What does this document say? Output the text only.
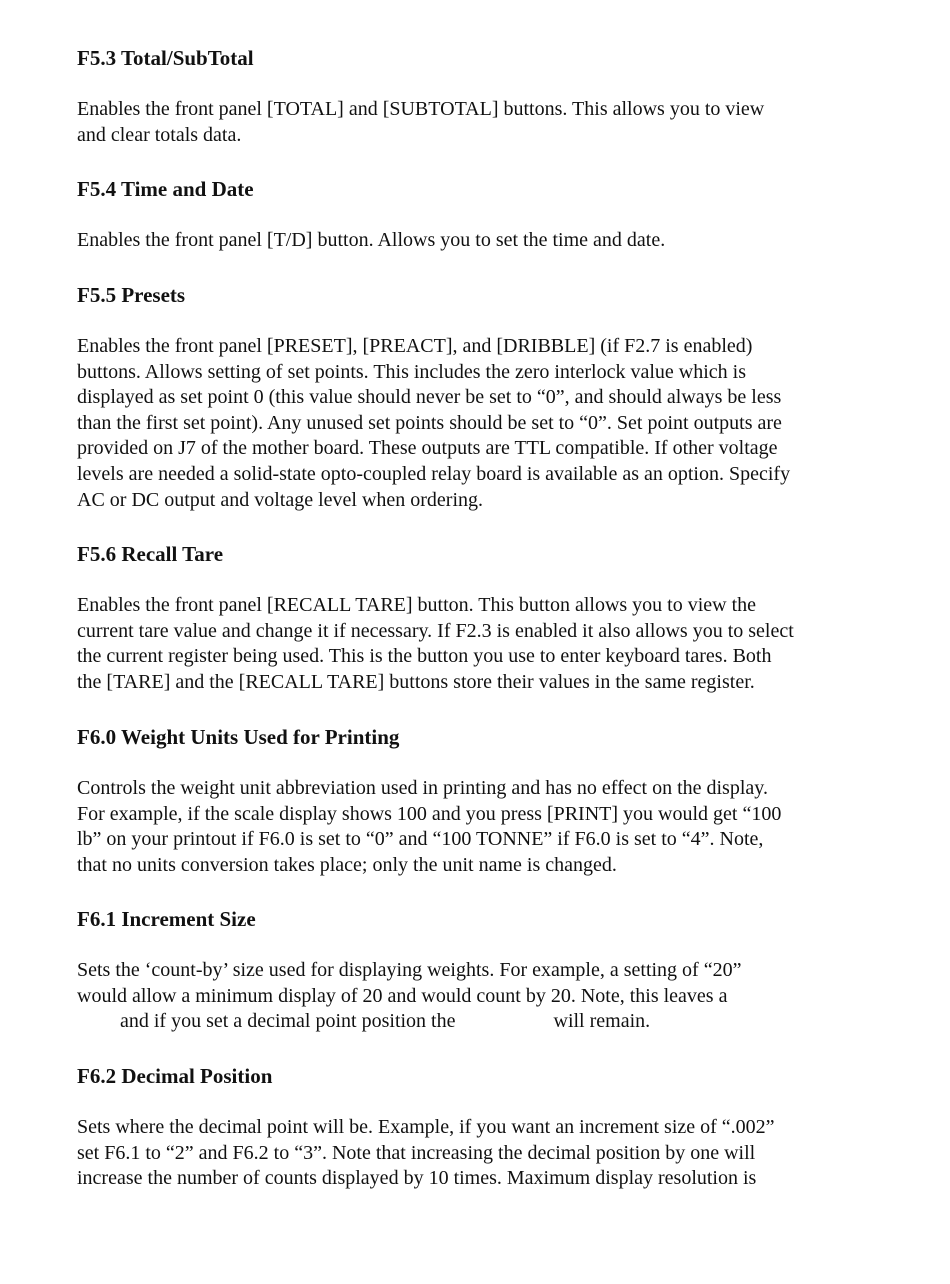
F5.3 Total/SubTotal
Enables the front panel [TOTAL] and [SUBTOTAL] buttons. This allows you to view
and clear totals data.
F5.4 Time and Date
Enables the front panel [T/D] button. Allows you to set the time and date.
F5.5 Presets
Enables the front panel [PRESET], [PREACT], and [DRIBBLE] (if F2.7 is enabled)
buttons. Allows setting of set points. This includes the zero interlock value which is
displayed as set point 0 (this value should never be set to “0”, and should always be less
than the first set point). Any unused set points should be set to “0”. Set point outputs are
provided on J7 of the mother board. These outputs are TTL compatible. If other voltage
levels are needed a solid-state opto-coupled relay board is available as an option. Specify
AC or DC output and voltage level when ordering.
F5.6 Recall Tare
Enables the front panel [RECALL TARE] button. This button allows you to view the
current tare value and change it if necessary. If F2.3 is enabled it also allows you to select
the current register being used. This is the button you use to enter keyboard tares. Both
the [TARE] and the [RECALL TARE] buttons store their values in the same register.
F6.0 Weight Units Used for Printing
Controls the weight unit abbreviation used in printing and has no effect on the display.
For example, if the scale display shows 100 and you press [PRINT] you would get “100
lb” on your printout if F6.0 is set to “0” and “100 TONNE” if F6.0 is set to “4”. Note,
that no units conversion takes place; only the unit name is changed.
F6.1 Increment Size
Sets the ‘count-by’ size used for displaying weights. For example, a setting of “20”
would allow a minimum display of 20 and would count by 20. Note, this leaves a
and if you set a decimal point position the	will remain.
F6.2 Decimal Position
Sets where the decimal point will be. Example, if you want an increment size of “.002”
set F6.1 to “2” and F6.2 to “3”. Note that increasing the decimal position by one will
increase the number of counts displayed by 10 times. Maximum display resolution is
